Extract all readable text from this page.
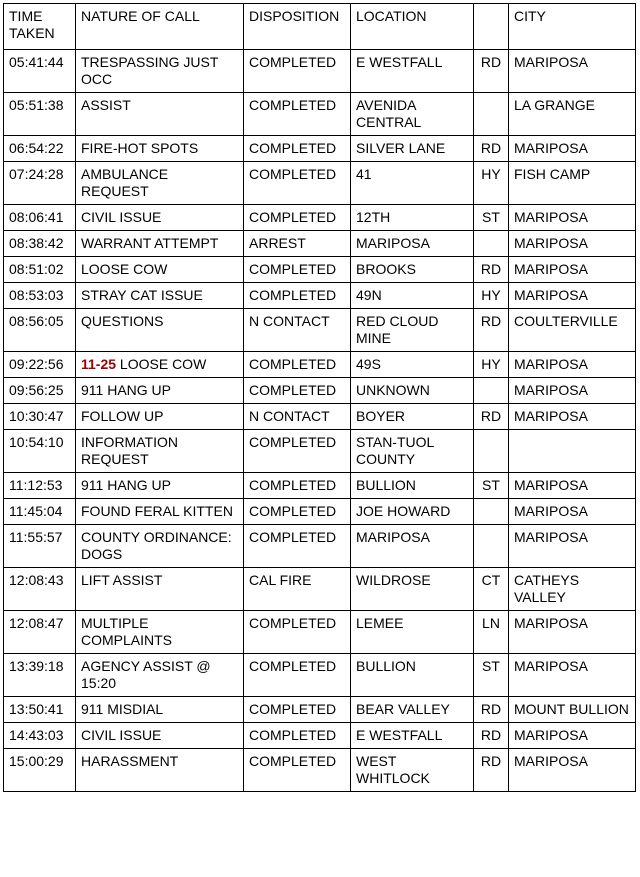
TIME TAKEN	NATURE OF CALL	DISPOSITION	LOCATION		CITY
05:41:44	TRESPASSING JUST OCC	COMPLETED	E WESTFALL	RD	MARIPOSA
05:51:38	ASSIST	COMPLETED	AVENIDA CENTRAL		LA GRANGE
06:54:22	FIRE-HOT SPOTS	COMPLETED	SILVER LANE	RD	MARIPOSA
07:24:28	AMBULANCE REQUEST	COMPLETED	41	HY	FISH CAMP
08:06:41	CIVIL ISSUE	COMPLETED	12TH	ST	MARIPOSA
08:38:42	WARRANT ATTEMPT	ARREST	MARIPOSA		MARIPOSA
08:51:02	LOOSE COW	COMPLETED	BROOKS	RD	MARIPOSA
08:53:03	STRAY CAT ISSUE	COMPLETED	49N	HY	MARIPOSA
08:56:05	QUESTIONS	N CONTACT	RED CLOUD MINE	RD	COULTERVILLE
09:22:56	11-25 LOOSE COW	COMPLETED	49S	HY	MARIPOSA
09:56:25	911 HANG UP	COMPLETED	UNKNOWN		MARIPOSA
10:30:47	FOLLOW UP	N CONTACT	BOYER	RD	MARIPOSA
10:54:10	INFORMATION REQUEST	COMPLETED	STAN-TUOL COUNTY		
11:12:53	911 HANG UP	COMPLETED	BULLION	ST	MARIPOSA
11:45:04	FOUND FERAL KITTEN	COMPLETED	JOE HOWARD		MARIPOSA
11:55:57	COUNTY ORDINANCE: DOGS	COMPLETED	MARIPOSA		MARIPOSA
12:08:43	LIFT ASSIST	CAL FIRE	WILDROSE	CT	CATHEYS VALLEY
12:08:47	MULTIPLE COMPLAINTS	COMPLETED	LEMEE	LN	MARIPOSA
13:39:18	AGENCY ASSIST @ 15:20	COMPLETED	BULLION	ST	MARIPOSA
13:50:41	911 MISDIAL	COMPLETED	BEAR VALLEY	RD	MOUNT BULLION
14:43:03	CIVIL ISSUE	COMPLETED	E WESTFALL	RD	MARIPOSA
15:00:29	HARASSMENT	COMPLETED	WEST WHITLOCK	RD	MARIPOSA
